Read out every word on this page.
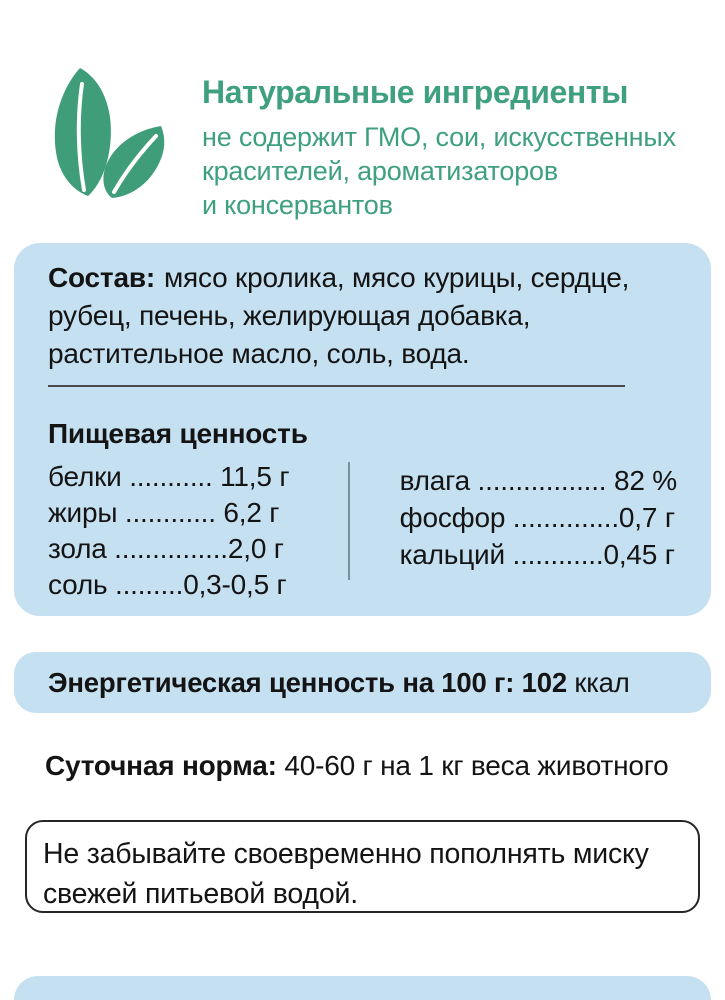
Натуральные ингредиенты
не содержит ГМО, сои, искусственных
красителей, ароматизаторов
и консервантов

Состав: мясо кролика, мясо курицы, сердце, рубец, печень, желирующая добавка, растительное масло, соль, вода.

Пищевая ценность

белки ........... 11,5 г

жиры ............ 6,2 г

зола ...............2,0 г

соль .........0,3-0,5 г

влага ................. 82 %

фосфор ..............0,7 г

кальций ............0,45 г

Энергетическая ценность на 100 г: 102 ккал

Суточная норма: 40-60 г на 1 кг веса животного

Не забывайте своевременно пополнять миску свежей питьевой водой.
